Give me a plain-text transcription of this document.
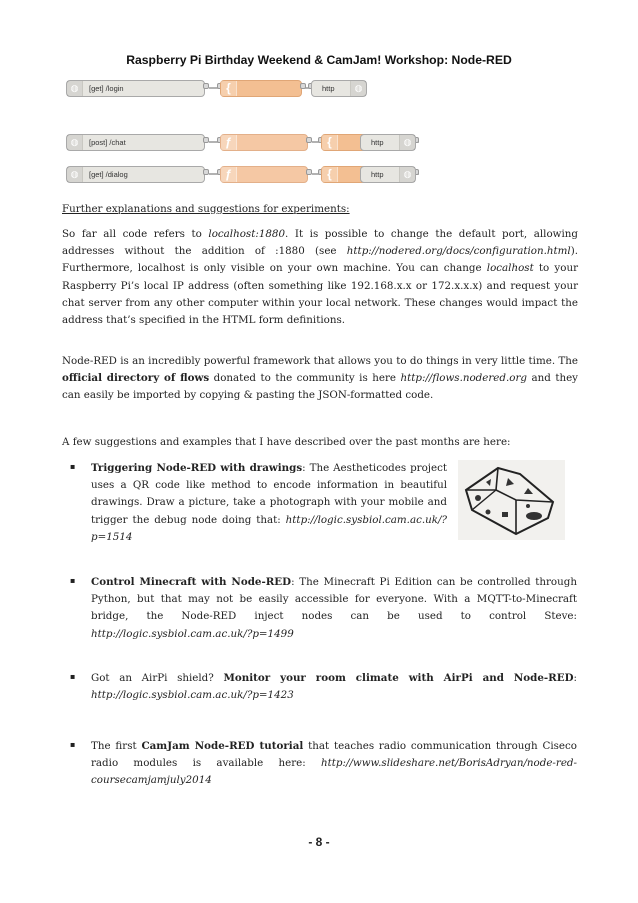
Raspberry Pi Birthday Weekend & CamJam! Workshop: Node-RED
◍	[get] /login	{	http	◍
◍	[post] /chat	ƒ	{	http	◍
◍	[get] /dialog	ƒ	{	http	◍
Further explanations and suggestions for experiments:
So far all code refers to localhost:1880. It is possible to change the default port, allowing addresses without the addition of :1880 (see http://nodered.org/docs/configuration.html). Furthermore, localhost is only visible on your own machine. You can change localhost to your Raspberry Pi’s local IP address (often something like 192.168.x.x or 172.x.x.x) and request your chat server from any other computer within your local network. These changes would impact the address that’s specified in the HTML form definitions.
Node-RED is an incredibly powerful framework that allows you to do things in very little time. The official directory of flows donated to the community is here http://flows.nodered.org and they can easily be imported by copying & pasting the JSON-formatted code.
A few suggestions and examples that I have described over the past months are here:
▪ Triggering Node-RED with drawings: The Aestheticodes project uses a QR code like method to encode information in beautiful drawings. Draw a picture, take a photograph with your mobile and trigger the debug node doing that: http://logic.sysbiol.cam.ac.uk/?p=1514
▪ Control Minecraft with Node-RED: The Minecraft Pi Edition can be controlled through Python, but that may not be easily accessible for everyone. With a MQTT-to-Minecraft bridge, the Node-RED inject nodes can be used to control Steve: http://logic.sysbiol.cam.ac.uk/?p=1499
▪ Got an AirPi shield? Monitor your room climate with AirPi and Node-RED: http://logic.sysbiol.cam.ac.uk/?p=1423
▪ The first CamJam Node-RED tutorial that teaches radio communication through Ciseco radio modules is available here: http://www.slideshare.net/BorisAdryan/node-red-coursecamjamjuly2014
- 8 -
